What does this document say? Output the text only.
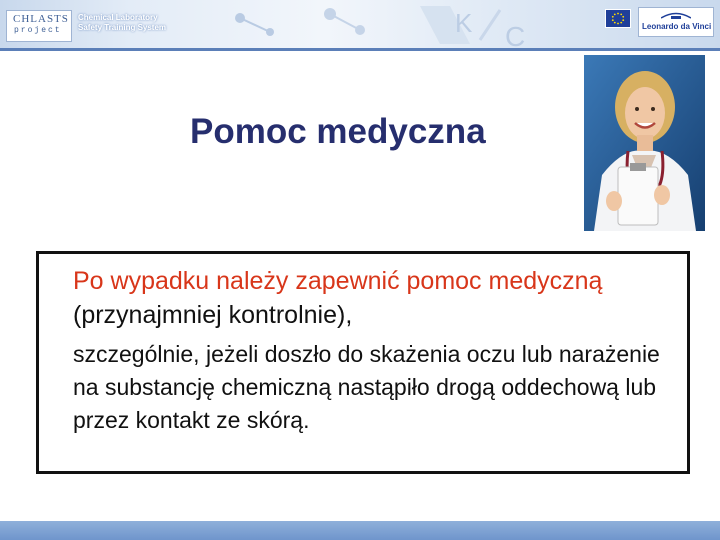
K C
CHLASTS
project
Chemical Laboratory
Safety Training System	Leonardo da Vinci
Pomoc medyczna
Po wypadku należy zapewnić pomoc medyczną (przynajmniej kontrolnie),
szczególnie, jeżeli doszło do skażenia oczu lub narażenie na substancję chemiczną nastąpiło drogą oddechową lub przez kontakt ze skórą.
